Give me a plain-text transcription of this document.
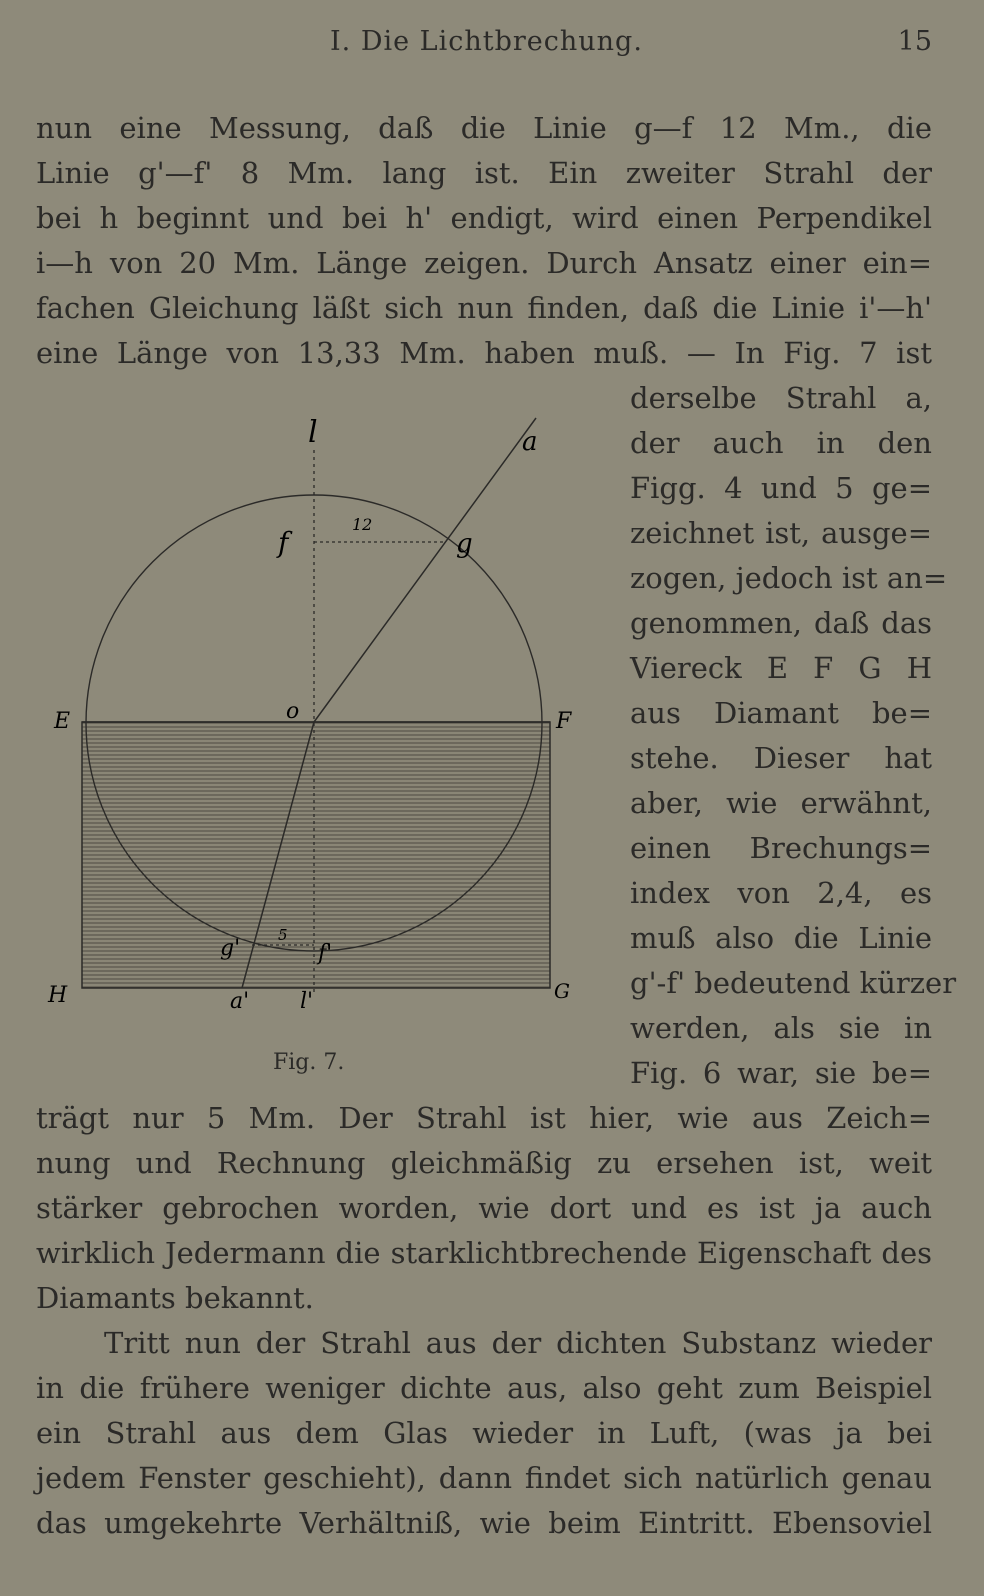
I. Die Lichtbrechung.	15
nun eine Messung, daß die Linie g—f 12 Mm., die
Linie g'—f' 8 Mm. lang ist. Ein zweiter Strahl der
bei h beginnt und bei h' endigt, wird einen Perpendikel
i—h von 20 Mm. Länge zeigen. Durch Ansatz einer ein=
fachen Gleichung läßt sich nun finden, daß die Linie i'—h'
eine Länge von 13,33 Mm. haben muß. — In Fig. 7 ist
derselbe Strahl a,
der auch in den
Figg. 4 und 5 ge=
zeichnet ist, ausge=
zogen, jedoch ist an=
genommen, daß das
Viereck E F G H
aus Diamant be=
stehe. Dieser hat
aber, wie erwähnt,
einen Brechungs=
index von 2,4, es
muß also die Linie
g'-f' bedeutend kürzer
werden, als sie in
Fig. 6 war, sie be=
l	a
f
12
g
o
E	F
g'
5
f'
H	a' l'	G
Fig. 7.
trägt nur 5 Mm. Der Strahl ist hier, wie aus Zeich=
nung und Rechnung gleichmäßig zu ersehen ist, weit
stärker gebrochen worden, wie dort und es ist ja auch
wirklich Jedermann die starklichtbrechende Eigenschaft des
Diamants bekannt.
Tritt nun der Strahl aus der dichten Substanz wieder
in die frühere weniger dichte aus, also geht zum Beispiel
ein Strahl aus dem Glas wieder in Luft, (was ja bei
jedem Fenster geschieht), dann findet sich natürlich genau
das umgekehrte Verhältniß, wie beim Eintritt. Ebensoviel
